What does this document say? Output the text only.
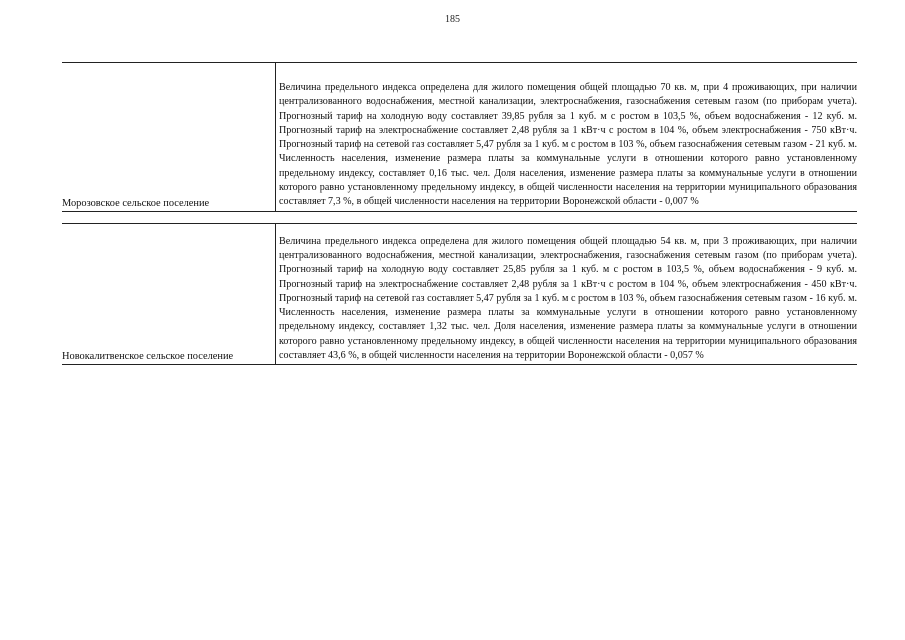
185
Морозовское сельское поселение
Величина предельного индекса определена для жилого помещения общей площадью 70 кв. м, при 4 проживающих, при наличии централизованного водоснабжения, местной канализации, электроснабжения, газоснабжения сетевым газом (по приборам учета). Прогнозный тариф на холодную воду составляет 39,85 рубля за 1 куб. м с ростом в 103,5 %, объем водоснабжения - 12 куб. м. Прогнозный тариф на электроснабжение составляет 2,48 рубля за 1 кВт·ч с ростом в 104 %, объем электроснабжения - 750 кВт·ч. Прогнозный тариф на сетевой газ составляет 5,47 рубля за 1 куб. м с ростом в 103 %, объем газоснабжения сетевым газом - 21 куб. м. Численность населения, изменение размера платы за коммунальные услуги в отношении которого равно установленному предельному индексу, составляет 0,16 тыс. чел. Доля населения, изменение размера платы за коммунальные услуги в отношении которого равно установленному предельному индексу, в общей численности населения на территории муниципального образования составляет 7,3 %, в общей численности населения на территории Воронежской области - 0,007 %
Новокалитвенское сельское поселение
Величина предельного индекса определена для жилого помещения общей площадью 54 кв. м, при 3 проживающих, при наличии централизованного водоснабжения, местной канализации, электроснабжения, газоснабжения сетевым газом (по приборам учета). Прогнозный тариф на холодную воду составляет 25,85 рубля за 1 куб. м с ростом в 103,5 %, объем водоснабжения - 9 куб. м. Прогнозный тариф на электроснабжение составляет 2,48 рубля за 1 кВт·ч с ростом в 104 %, объем электроснабжения - 450 кВт·ч. Прогнозный тариф на сетевой газ составляет 5,47 рубля за 1 куб. м с ростом в 103 %, объем газоснабжения сетевым газом - 16 куб. м. Численность населения, изменение размера платы за коммунальные услуги в отношении которого равно установленному предельному индексу, составляет 1,32 тыс. чел. Доля населения, изменение размера платы за коммунальные услуги в отношении которого равно установленному предельному индексу, в общей численности населения на территории муниципального образования составляет 43,6 %, в общей численности населения на территории Воронежской области - 0,057 %
